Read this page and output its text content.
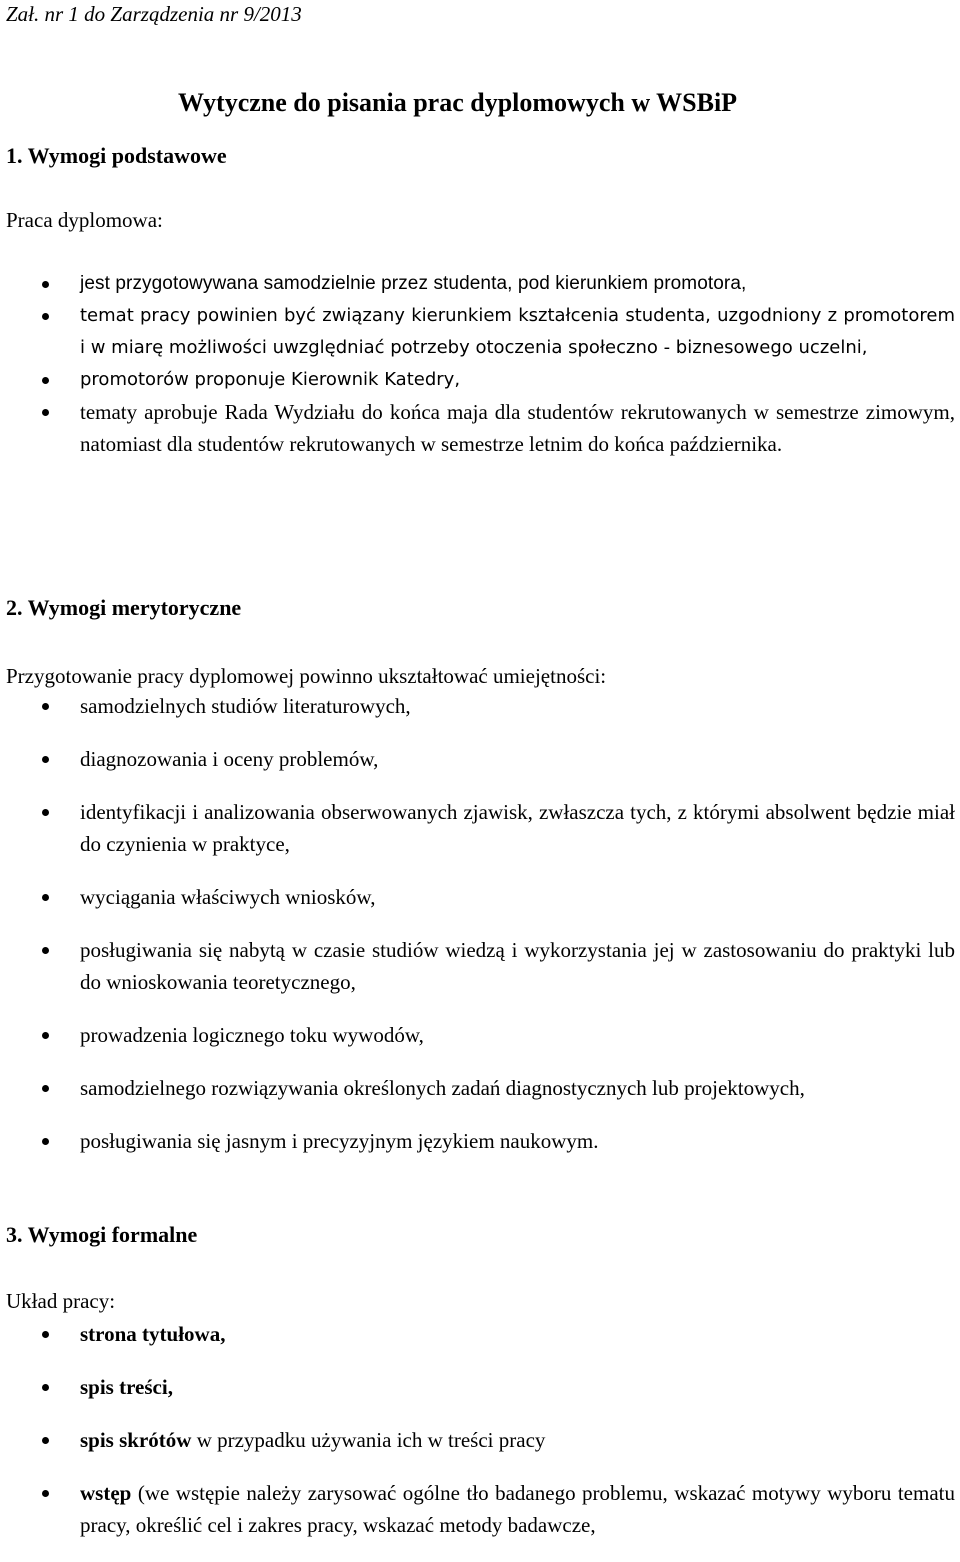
Zał. nr 1 do Zarządzenia nr 9/2013
Wytyczne do pisania prac dyplomowych w WSBiP
1. Wymogi podstawowe
Praca dyplomowa:
jest przygotowywana samodzielnie przez studenta, pod kierunkiem promotora,
temat pracy powinien być związany kierunkiem kształcenia studenta, uzgodniony z promotorem i w miarę możliwości uwzględniać potrzeby otoczenia społeczno - biznesowego uczelni,
promotorów proponuje Kierownik Katedry,
tematy aprobuje Rada Wydziału do końca maja dla studentów rekrutowanych w semestrze zimowym, natomiast dla studentów rekrutowanych w semestrze letnim do końca października.
2. Wymogi merytoryczne
Przygotowanie pracy dyplomowej powinno ukształtować umiejętności:
samodzielnych studiów literaturowych,
diagnozowania i oceny problemów,
identyfikacji i analizowania obserwowanych zjawisk, zwłaszcza tych, z którymi absolwent będzie miał do czynienia w praktyce,
wyciągania właściwych wniosków,
posługiwania się nabytą w czasie studiów wiedzą i wykorzystania jej w zastosowaniu do praktyki lub do wnioskowania teoretycznego,
prowadzenia logicznego toku wywodów,
samodzielnego rozwiązywania określonych zadań diagnostycznych lub projektowych,
posługiwania się jasnym i precyzyjnym językiem naukowym.
3. Wymogi formalne
Układ pracy:
strona tytułowa,
spis treści,
spis skrótów w przypadku używania ich w treści pracy
wstęp (we wstępie należy zarysować ogólne tło badanego problemu, wskazać motywy wyboru tematu pracy, określić cel i zakres pracy, wskazać metody badawcze,
